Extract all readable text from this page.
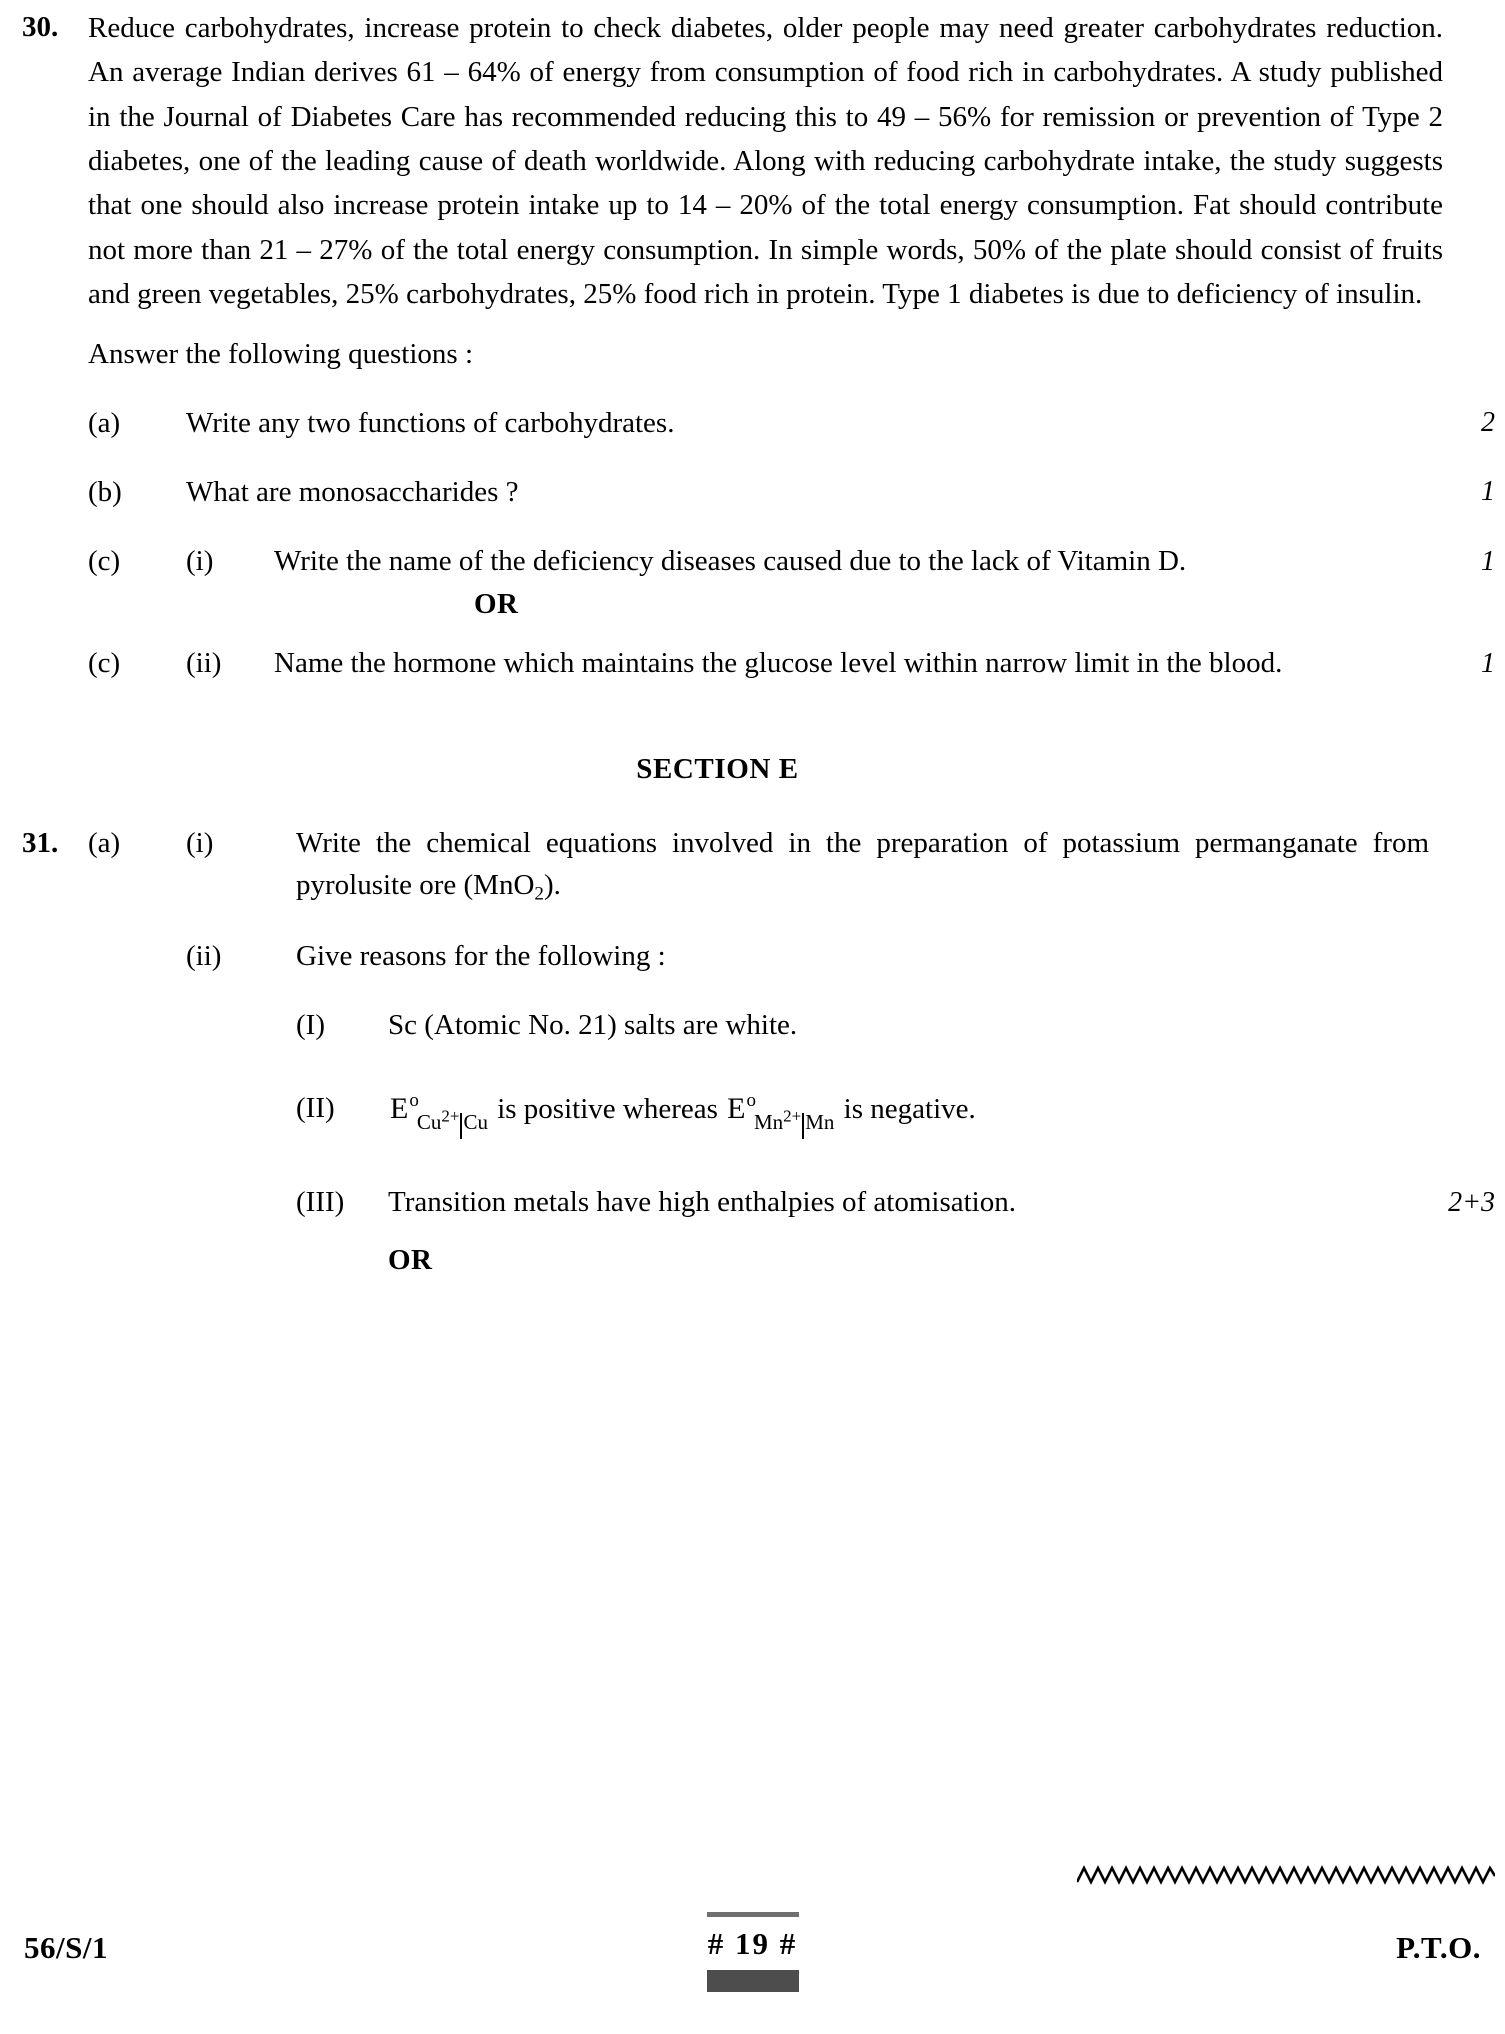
30.	Reduce carbohydrates, increase protein to check diabetes, older people may need greater carbohydrates reduction. An average Indian derives 61 – 64% of energy from consumption of food rich in carbohydrates. A study published in the Journal of Diabetes Care has recommended reducing this to 49 – 56% for remission or prevention of Type 2 diabetes, one of the leading cause of death worldwide. Along with reducing carbohydrate intake, the study suggests that one should also increase protein intake up to 14 – 20% of the total energy consumption. Fat should contribute not more than 21 – 27% of the total energy consumption. In simple words, 50% of the plate should consist of fruits and green vegetables, 25% carbohydrates, 25% food rich in protein. Type 1 diabetes is due to deficiency of insulin.
Answer the following questions :
(a)	Write any two functions of carbohydrates.	2
(b)	What are monosaccharides ?	1
(c)	(i)	Write the name of the deficiency diseases caused due to the lack of Vitamin D.	1
OR
(c)	(ii)	Name the hormone which maintains the glucose level within narrow limit in the blood.	1
SECTION E
31.	(a)	(i)	Write the chemical equations involved in the preparation of potassium permanganate from pyrolusite ore (MnO$_2$).
(ii)	Give reasons for the following :
(I)	Sc (Atomic No. 21) salts are white.
(II)	$E^o_{Cu^{2+} Cu}$ is positive whereas $E^o_{Mn^{2+} Mn}$ is negative.
(III)	Transition metals have high enthalpies of atomisation.	2+3
OR
56/S/1	# 19 #	P.T.O.
